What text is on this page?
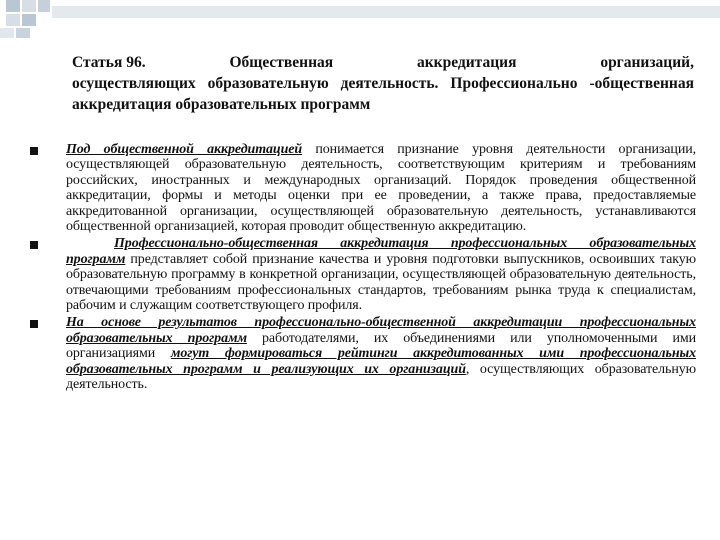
Статья 96.	Общественная	аккредитация	организаций,
осуществляющих образовательную деятельность. Профессионально -общественная аккредитация образовательных программ
Под общественной аккредитацией понимается признание уровня деятельности организации, осуществляющей образовательную деятельность, соответствующим критериям и требованиям российских, иностранных и международных организаций. Порядок проведения общественной аккредитации, формы и методы оценки при ее проведении, а также права, предоставляемые аккредитованной организации, осуществляющей образовательную деятельность, устанавливаются общественной организацией, которая проводит общественную аккредитацию.
Профессионально-общественная аккредитация профессиональных образовательных программ представляет собой признание качества и уровня подготовки выпускников, освоивших такую образовательную программу в конкретной организации, осуществляющей образовательную деятельность, отвечающими требованиям профессиональных стандартов, требованиям рынка труда к специалистам, рабочим и служащим соответствующего профиля.
На основе результатов профессионально-общественной аккредитации профессиональных образовательных программ работодателями, их объединениями или уполномоченными ими организациями могут формироваться рейтинги аккредитованных ими профессиональных образовательных программ и реализующих их организаций, осуществляющих образовательную деятельность.
